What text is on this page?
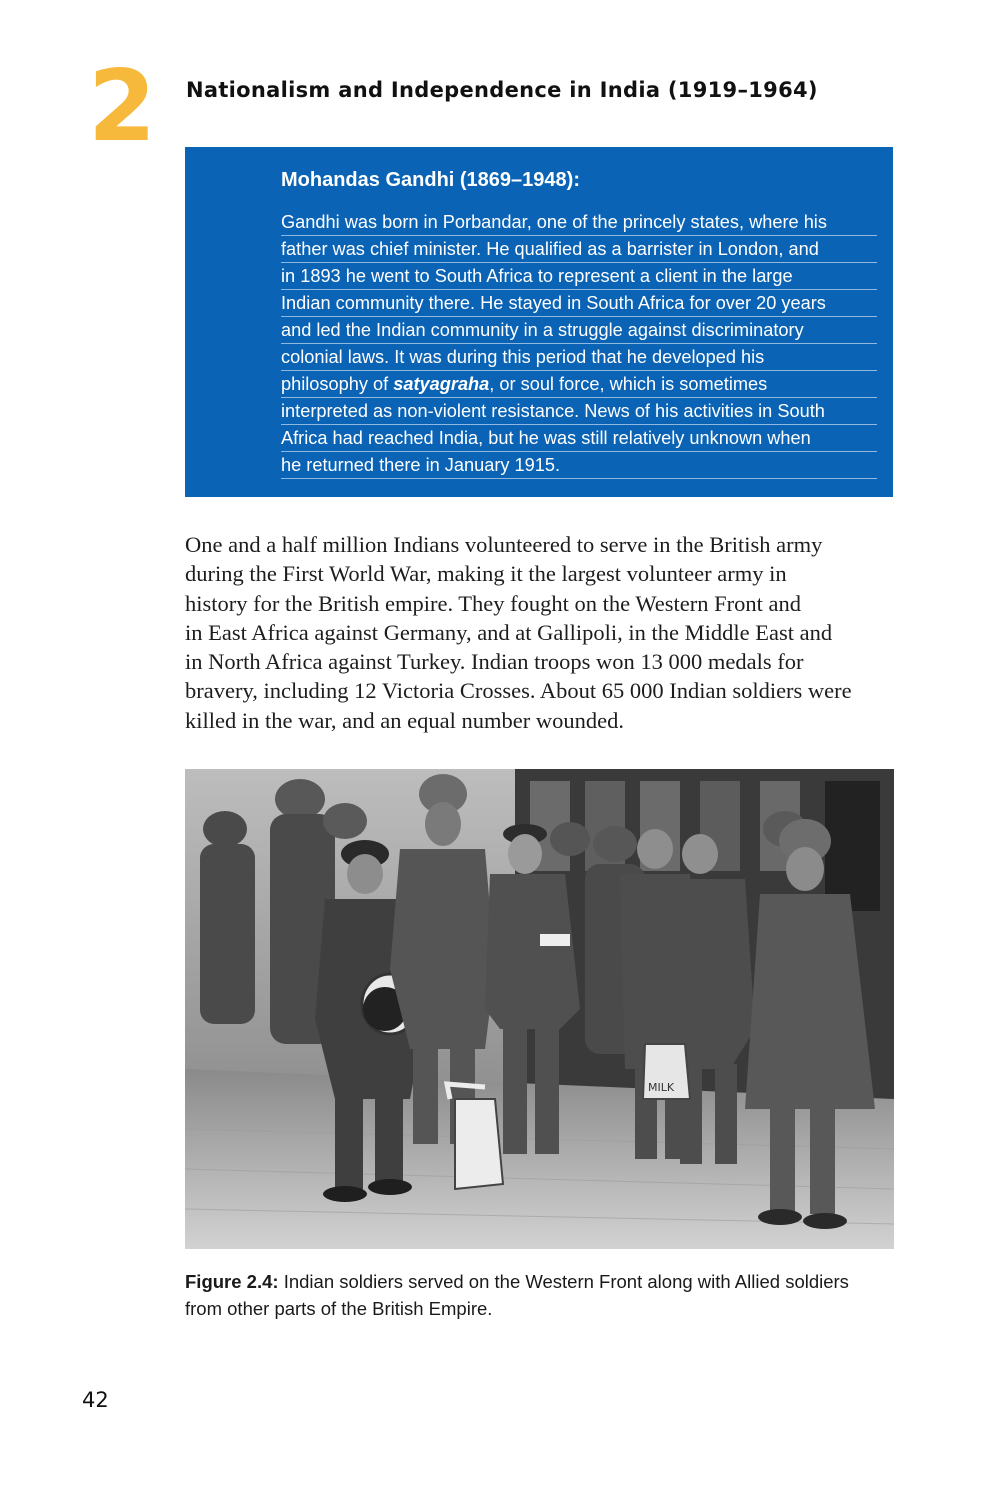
2 Nationalism and Independence in India (1919–1964)
Mohandas Gandhi (1869–1948):
Gandhi was born in Porbandar, one of the princely states, where his
father was chief minister. He qualified as a barrister in London, and
in 1893 he went to South Africa to represent a client in the large
Indian community there. He stayed in South Africa for over 20 years
and led the Indian community in a struggle against discriminatory
colonial laws. It was during this period that he developed his
philosophy of satyagraha, or soul force, which is sometimes
interpreted as non-violent resistance. News of his activities in South
Africa had reached India, but he was still relatively unknown when
he returned there in January 1915.
One and a half million Indians volunteered to serve in the British army
during the First World War, making it the largest volunteer army in
history for the British empire. They fought on the Western Front and
in East Africa against Germany, and at Gallipoli, in the Middle East and
in North Africa against Turkey. Indian troops won 13 000 medals for
bravery, including 12 Victoria Crosses. About 65 000 Indian soldiers were
killed in the war, and an equal number wounded.
MILK
Figure 2.4: Indian soldiers served on the Western Front along with Allied soldiers
from other parts of the British Empire.
42
